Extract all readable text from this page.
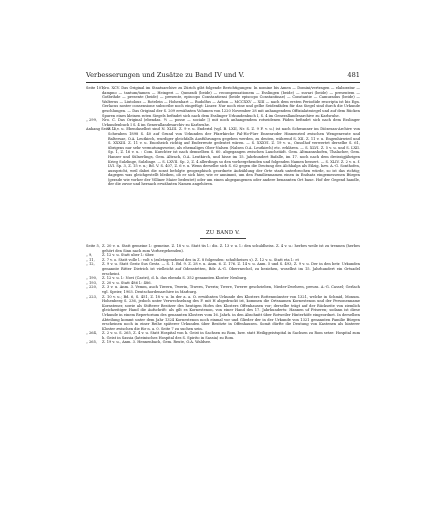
Verbesserungen und Zusätze zu Band IV und V.	481
Seite 107,
Nro. XCV. Das Original im Staatsarchive zu Zürich gibt folgende Berichtigungen: In nomine bis Amen — Domini/vertragen — elaboratur — dampno — tantum/tamen — Heingeri — Qumradi (beide) — recompensationem — Esslingen (beide) — suvari (beide) — presentem — Gotbrihde — presente (beide) — presente, episcopo Constantiensi (beide episcopo Constantinae) — Constantie — Camuradus (beide) — Walterus — Liutolous — Rotelein — Hohenhart — Rudolfus — Arbon — MCCXXV — XIII — nach dem ersten Periodide rescripta ist bis Egn. Gerlacus noster consensione subscribe noch eingefügt: Linzer. Nur noch eine und gelbe Seidenfäden für das Siegel sind durch die Urkunde geschlungen. — Das Original der S. 209 erwähnten Volumen von 1220 November 28 mit anhangendem Offizialatssiegel und auf dem Rücken Spuren eines kleinen roten Siegels befindet sich nach dem Esslinger Urkundenbuch I, S. 4 im Generallandesarchive zu Karlsruhe.
„ 299, Nro. C. Das Original (ebendas. ½ — posse — sociale ¦) mit noch anhangendem rotseidenen Fäden befindet sich nach dem Esslinger Urkundenbuch I S. 4 im Generallandesarchiv zu Karlsruhe.
Anhang Seite 12,
Z. 3 v. u. Ebendaselbst sind N. XLIII. Z. 9 v. u. Enderisl (vgl. B. LXII, Nr. S. Z. 9 F. v. u.) ist nach Schwanner im Diözesan-Archive von Schwaben 1898 S. 40 auf Grund von Urkunden der Pfarrkirche Fal-Ho-Fürr Ensenroder Hinnenried zwischen Wengenreute und Baltersae, O.A. Leutkirch, wurdiger gleichfalls Ausführungen gegeben werden, zu deuten, während S. XII. Z. 11 v. u. Engenhirsried und S. XXXIII. Z. 11 v. u. Enosheich richtig auf Enderreute gedeutet wären. — S. XXXVI. Z. 19 v. u., Onsolhof verwertet derselbe S. 61, übrigens nur sehr vermutungsweise, als ehemaliges Ober-Nalsen (Nalsen O.A. Leutkirch) etc. erklären. — S. XLVI. Z. 5 v. u. und S. LXII. Sp. 1, Z. 16 v. u. : Com. Kuechter ist nach demselben S. 60. abgegangen zwischen Lauchstädt. Gem. Altmannshofen, Thalacher, Gem. Hanser und Sülnerlings, Gem. Altrach, O.A. Leutkirch, und hisse im 15. Jahrhundert Bafalle, im 17. noch nach dem dreissigjährigen Krieg Sulzlinge, Sulzlinge. — S. LXVII. Sp. 2, Z. 4 allerdings so den vorhergehenden und folgenden Namen bessert. — S. XLIV. Z. 2 v. u. f. LVI. Sp. 3, Z. 15 v. u.; Bd. V. S. 407, Z. 6 v. u. Wenn derselbe sich S. 62 gegen die Deutung des Alchhalps als Eilzig, bzw. A.-G. Sonthofen, ausspricht, weil dabei die sonst befolgte geographisch geordnete Aufzählung der Orte stark unterbrochen würde, so ist das richtig; dagegen was gleichgestellt bleiben, ob er sich hier, wie er annimmt, um den Familiennamen einen in Endsatz eingemessenen Bürgen (gerade wie vorher der Villiner Maier bedeutet) oder um einen abgegangenen oder andere benannten Ort baue. Hof der Gegend handle, der die zuvor und hernach erwähnten Namen angehören.
ZU BAND V.
Seite 5, Z. 20 v. u. Statt gemeine l.: gemeine. Z. 18 v. u. Statt tis l.: dis. Z. 13 v. u. l.: den schuldheiss. Z. 4 v. u.: herbes weile ist zu trennen (herbes gehört den Sinn nach zum Vorhergehenden).
„ 9,	Z. 12 v. u. Statt uber l.: über.
„ 11, Z. 7 v. o. Statt volle l.: volt s (zuletzgenehend des in Z. 8 folgenden: schultheises s). Z. 12 v. u. Statt eta l.: et
„ 12, Z. 9 v. u. Statt Gestz Sus Gestz. — S. 1. Bd. 9. Z. 28 v. u. Anm. 6. Z. 176. Z. 14 v. u. Anm. 5 und S. 493, Z. 9 v. u. Der in den betr. Urkunden genannte Ritter Dietrich ist vielleicht auf Odenstetten, Bdr. A.-G. Oberrnechel, zu beziehen, woselbst im 15. Jahrhundert ein Ortsadel erscheint.
„ 190, Z. 12 v. u. l.: Novi (Castri), d. h. das ebenda S. 352 genannten Kloster Neuburg.
„ 193, Z. 20 v. u. Statt 486 l.: 486.
„ 220, Z. 3 v. u. Anm. 3. Vemm, auch Tiwern, Twerin, Tiwern, Twerin; Twere, Twerre geschrieben, Nieder-Zwehren, preuss. A.-G. Cassel; Gerlach vgl. Speier, 1903. Deutschordenarchive in Marburg.
„ 223, Z. 10 v. u.; Bd. 6, S. 451, Z. 18 v. u. In der a. a. O. erwähnten Urkunde des Klosters Rottenmünster von 1321, welche in Schmid, Monum. Hohenberg S. 236, jedoch unter Verwechselung des F. mit H abgedruckt ist, kommen die Ortsnamen Kornestenon und der Personenname Kornstener, sowie als Stifterer Besitzer des heutigen Hofes des Klosters Offenhausen vor; derselbe trägt auf der Rückseite von ziemlich gleichzeitiger Hand die Aufschrift: als gilt es Kornestenon, von einer Hand des 17. Jahrhunderts: Hannen uf Friseren; sodann ist diese Urkunde in einem Repertorium des genannten Klosters vom 16. Jahrh. in den Abschnitt über Rotweiler Hinterhöfe eingeordnet. In derselben Abteilung kommt unter dem Jahr 1324 Kornestenon noch einmal vor und Glieder der in der Urkunde von 1321 genannten Familie Bürgen erscheinen noch in einer Reihe späterer Urkunden über Besitzte in Offenhausen. Somit dürfte die Deutung von Kastenen als hinterer Kloster zwischen die für n. a. 0. Seite 7 zu suchen sein.
„ 264, Z. 2 v. u. S. 265, Z. 4 v. u. Statt Hospital von h. Geist in Sachsen zu Rom, bzw. statt Heiliggeistspital in Sachsen zu Rom setze: Hospital zum h. Geist in Sassia (lateinisches Hospital des S. Spirito in Sassia) zu Rom.
„ 265, Z. 19 v. u., Anm. 3. Hennenbach, Gem. Reute, O.A. Waldsee.
